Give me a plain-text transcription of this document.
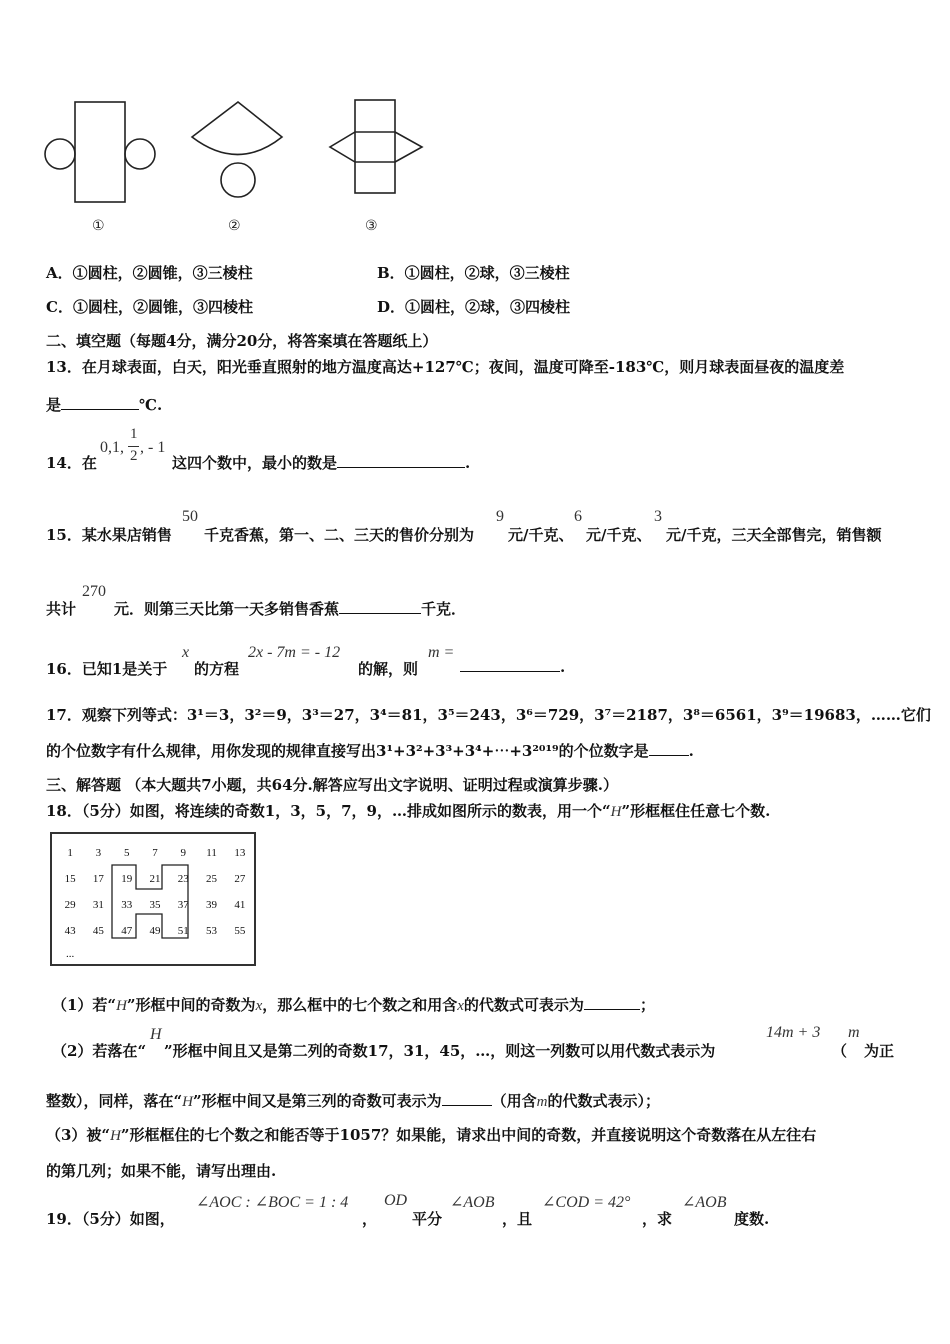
①	②	③
A．①圆柱，②圆锥，③三棱柱	B．①圆柱，②球，③三棱柱
C．①圆柱，②圆锥，③四棱柱	D．①圆柱，②球，③四棱柱
二、填空题（每题4分，满分20分，将答案填在答题纸上）
13．在月球表面，白天，阳光垂直照射的地方温度高达+127℃；夜间，温度可降至-183℃，则月球表面昼夜的温度差
是	℃.
14．在
0,1,
1
2 , - 1
这四个数中，最小的数是	.
15．某水果店销售
50
千克香蕉，第一、二、三天的售价分别为
9
元/千克、
6
元/千克、
3
元/千克，三天全部售完，销售额
共计
270
元．则第三天比第一天多销售香蕉	千克．
16．已知1是关于
x
的方程
2x - 7m = - 12
的解，则
m =
.
17．观察下列等式：3¹＝3，3²＝9，3³＝27，3⁴＝81，3⁵＝243，3⁶＝729，3⁷＝2187，3⁸＝6561，3⁹＝19683，……它们
的个位数字有什么规律，用你发现的规律直接写出3¹+3²+3³+3⁴+⋯+3²⁰¹⁹的个位数字是	.
三、解答题 （本大题共7小题，共64分.解答应写出文字说明、证明过程或演算步骤.）
18．（5分）如图，将连续的奇数1，3，5，7，9，…排成如图所示的数表，用一个“H”形框框住任意七个数.
1	3	5	7	9	11	13
15	17	19	21	23	25	27
29	31	33	35	37	39	41
43	45	47	49	51	53	55
...						
（1）若“H”形框中间的奇数为x，那么框中的七个数之和用含x的代数式可表示为	；
（2）若落在“
H
”形框中间且又是第二列的奇数17，31，45，…，则这一列数可以用代数式表示为
14m + 3
（
m
为正
整数），同样，落在“H”形框中间又是第三列的奇数可表示为	（用含m的代数式表示）；
（3）被“H”形框框住的七个数之和能否等于1057？如果能，请求出中间的奇数，并直接说明这个奇数落在从左往右
的第几列；如果不能，请写出理由.
19．（5分）如图，
∠AOC : ∠BOC = 1 : 4
，
OD
平分
∠AOB
，且
∠COD = 42°
，求
∠AOB
度数.
